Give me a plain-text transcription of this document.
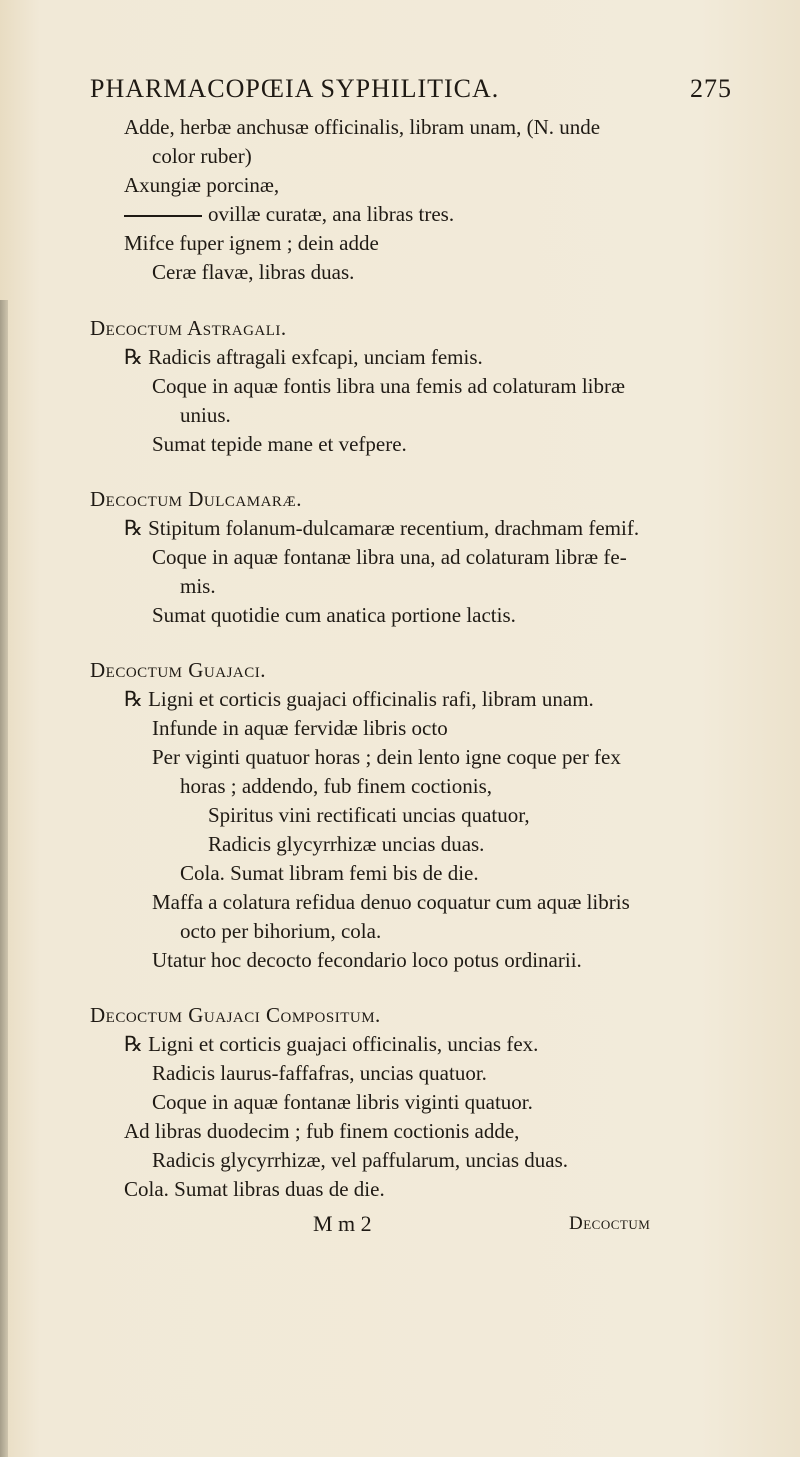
PHARMACOPŒIA SYPHILITICA.	275
Adde, herbæ anchusæ officinalis, libram unam, (N. unde
color ruber)
Axungiæ porcinæ,
ovillæ curatæ, ana libras tres.
Mifce fuper ignem ; dein adde
Ceræ flavæ, libras duas.
Decoctum Astragali.
℞ Radicis aftragali exfcapi, unciam femis.
Coque in aquæ fontis libra una femis ad colaturam libræ
unius.
Sumat tepide mane et vefpere.
Decoctum Dulcamaræ.
℞ Stipitum folanum-dulcamaræ recentium, drachmam femif.
Coque in aquæ fontanæ libra una, ad colaturam libræ fe-
mis.
Sumat quotidie cum anatica portione lactis.
Decoctum Guajaci.
℞ Ligni et corticis guajaci officinalis rafi, libram unam.
Infunde in aquæ fervidæ libris octo
Per viginti quatuor horas ; dein lento igne coque per fex
horas ; addendo, fub finem coctionis,
Spiritus vini rectificati uncias quatuor,
Radicis glycyrrhizæ uncias duas.
Cola. Sumat libram femi bis de die.
Maffa a colatura refidua denuo coquatur cum aquæ libris
octo per bihorium, cola.
Utatur hoc decocto fecondario loco potus ordinarii.
Decoctum Guajaci Compositum.
℞ Ligni et corticis guajaci officinalis, uncias fex.
Radicis laurus-faffafras, uncias quatuor.
Coque in aquæ fontanæ libris viginti quatuor.
Ad libras duodecim ; fub finem coctionis adde,
Radicis glycyrrhizæ, vel paffularum, uncias duas.
Cola. Sumat libras duas de die.
M m 2	Decoctum
